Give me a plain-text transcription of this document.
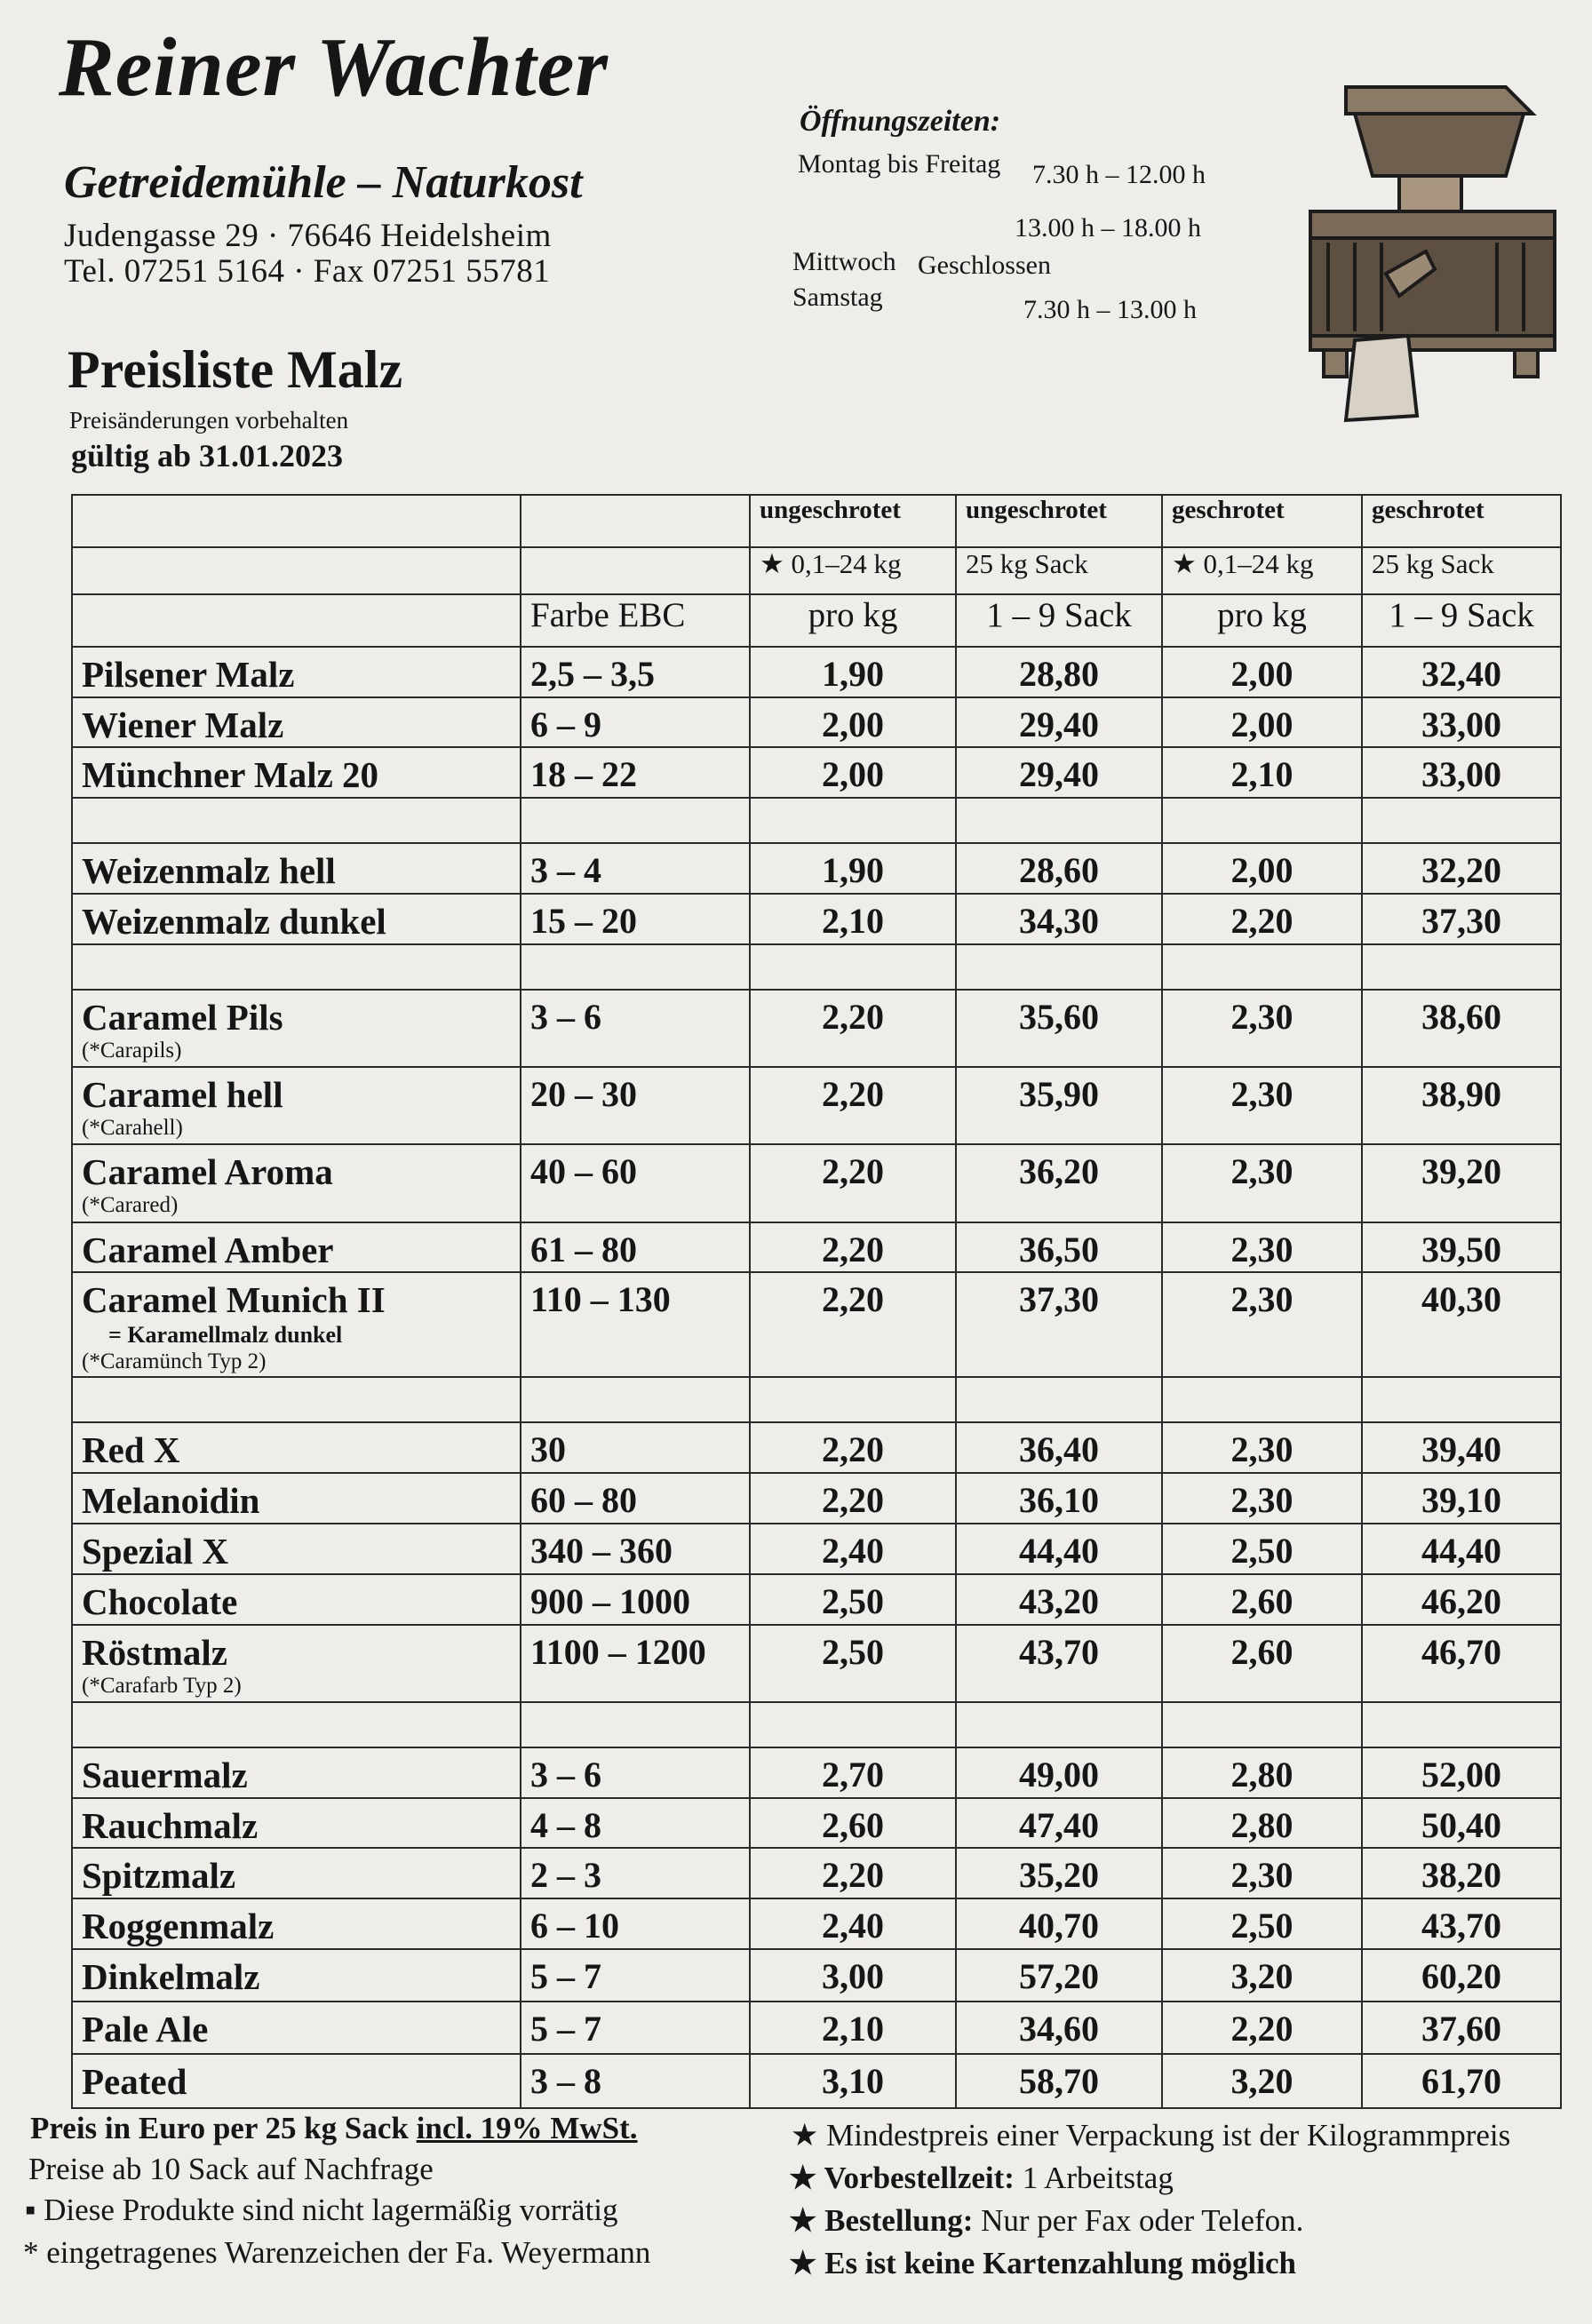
Reiner Wachter
Getreidemühle – Naturkost
Judengasse 29 · 76646 Heidelsheim
Tel. 07251 5164 · Fax 07251 55781
Öffnungszeiten:
Montag bis Freitag 7.30 h – 12.00 h
13.00 h – 18.00 h
Mittwoch Geschlossen
Samstag	7.30 h – 13.00 h
Preisliste Malz
Preisänderungen vorbehalten
gültig ab 31.01.2023
		ungeschrotet	ungeschrotet	geschrotet	geschrotet
		★ 0,1–24 kg	25 kg Sack	★ 0,1–24 kg	25 kg Sack
	Farbe EBC	pro kg	1 – 9 Sack	pro kg	1 – 9 Sack

Pilsener Malz	2,5 – 3,5	1,90	28,80	2,00	32,40

Wiener Malz	6 – 9	2,00	29,40	2,00	33,00

Münchner Malz 20	18 – 22	2,00	29,40	2,10	33,00

Weizenmalz hell	3 – 4	1,90	28,60	2,00	32,20

Weizenmalz dunkel	15 – 20	2,10	34,30	2,20	37,30

Caramel Pils
(*Carapils)	3 – 6	2,20	35,60	2,30	38,60

Caramel hell
(*Carahell)	20 – 30	2,20	35,90	2,30	38,90

Caramel Aroma
(*Carared)	40 – 60	2,20	36,20	2,30	39,20

Caramel Amber	61 – 80	2,20	36,50	2,30	39,50

Caramel Munich II
= Karamellmalz dunkel
(*Caramünch Typ 2)	110 – 130	2,20	37,30	2,30	40,30

Red X	30	2,20	36,40	2,30	39,40

Melanoidin	60 – 80	2,20	36,10	2,30	39,10

Spezial X	340 – 360	2,40	44,40	2,50	44,40

Chocolate	900 – 1000	2,50	43,20	2,60	46,20

Röstmalz
(*Carafarb Typ 2)	1100 – 1200	2,50	43,70	2,60	46,70

Sauermalz	3 – 6	2,70	49,00	2,80	52,00

Rauchmalz	4 – 8	2,60	47,40	2,80	50,40

Spitzmalz	2 – 3	2,20	35,20	2,30	38,20

Roggenmalz	6 – 10	2,40	40,70	2,50	43,70

Dinkelmalz	5 – 7	3,00	57,20	3,20	60,20

Pale Ale	5 – 7	2,10	34,60	2,20	37,60

Peated	3 – 8	3,10	58,70	3,20	61,70
Preis in Euro per 25 kg Sack incl. 19% MwSt.
Preise ab 10 Sack auf Nachfrage
▪ Diese Produkte sind nicht lagermäßig vorrätig
* eingetragenes Warenzeichen der Fa. Weyermann
★ Mindestpreis einer Verpackung ist der Kilogrammpreis
★ Vorbestellzeit: 1 Arbeitstag
★ Bestellung: Nur per Fax oder Telefon.
★ Es ist keine Kartenzahlung möglich
